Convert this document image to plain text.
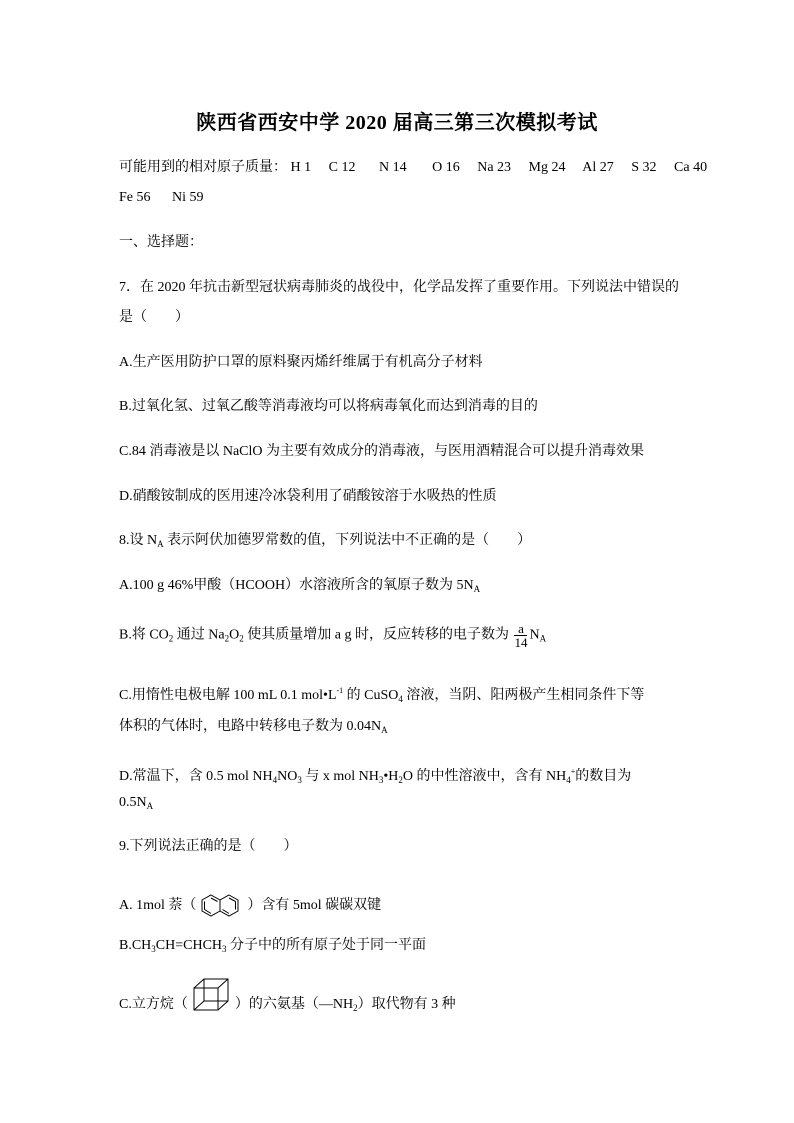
陕西省西安中学 2020 届高三第三次模拟考试
可能用到的相对原子质量： H 1 C 12 N 14 O 16 Na 23 Mg 24 Al 27 S 32 Ca 40
Fe 56 Ni 59
一、选择题：
7．在 2020 年抗击新型冠状病毒肺炎的战役中，化学品发挥了重要作用。下列说法中错误的
是（　　）
A.生产医用防护口罩的原料聚丙烯纤维属于有机高分子材料
B.过氧化氢、过氧乙酸等消毒液均可以将病毒氧化而达到消毒的目的
C.84 消毒液是以 NaClO 为主要有效成分的消毒液，与医用酒精混合可以提升消毒效果
D.硝酸铵制成的医用速冷冰袋利用了硝酸铵溶于水吸热的性质
8.设 $N_A$ 表示阿伏加德罗常数的值，下列说法中不正确的是（　　）
A.100 g 46%甲酸（HCOOH）水溶液所含的氧原子数为 $5N_A$
B.将 $CO_2$ 通过 $Na_2O_2$ 使其质量增加 a g 时，反应转移的电子数为 $\frac{a}{14} N_A$
C.用惰性电极电解 100 mL 0.1 $mol•L^{-1}$ 的 CuSO$_4$ 溶液，当阴、阳两极产生相同条件下等
体积的气体时，电路中转移电子数为 $0.04N_A$
D.常温下，含 0.5 mol $NH_4NO_3$ 与 x mol $NH_3•H_2O$ 的中性溶液中，含有 $NH_4^+$的数目为
$0.5N_A$
9.下列说法正确的是（　　）
A. 1mol 萘（	）含有 5mol 碳碳双键
$B.CH_3CH=CHCH_3$ 分子中的所有原子处于同一平面
C.立方烷（	）的六氨基$(—NH_2)$取代物有 3 种
